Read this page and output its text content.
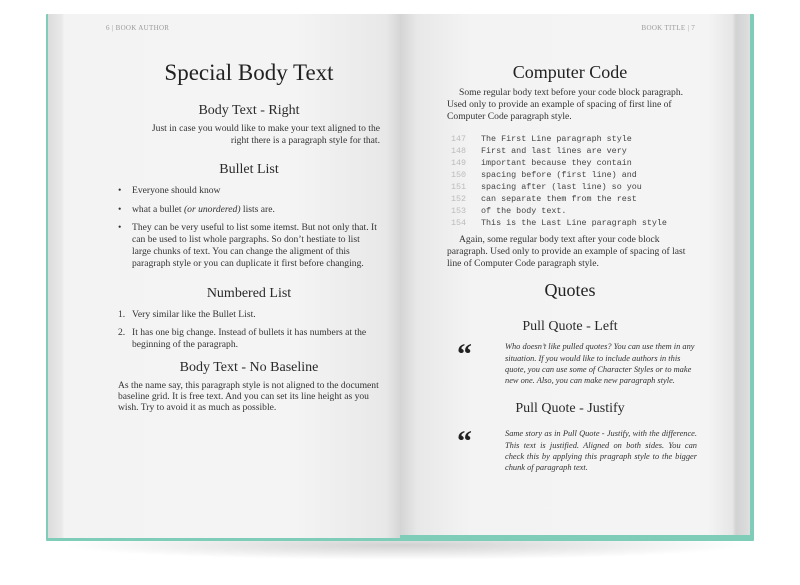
6 | BOOK AUTHOR
Special Body Text
Body Text - Right
Just in case you would like to make your text aligned to the
right there is a paragraph style for that.
Bullet List
• Everyone should know
• what a bullet (or unordered) lists are.
• They can be very useful to list some itemst. But not only that. It can be used to list whole pargraphs. So don’t hestiate to list large chunks of text. You can change the aligment of this paragraph style or you can duplicate it first before changing.
Numbered List
1. Very similar like the Bullet List.
2. It has one big change. Instead of bullets it has numbers at the beginning of the paragraph.
Body Text - No Baseline
As the name say, this paragraph style is not aligned to the document baseline grid. It is free text. And you can set its line height as you wish. Try to avoid it as much as possible.
BOOK TITLE | 7
Computer Code
Some regular body text before your code block paragraph. Used only to provide an example of spacing of first line of Computer Code paragraph style.
147 The First Line paragraph style
148 First and last lines are very
149 important because they contain
150 spacing before (first line) and
151 spacing after (last line) so you
152 can separate them from the rest
153 of the body text.
154 This is the Last Line paragraph style
Again, some regular body text after your code block paragraph. Used only to provide an example of spacing of last line of Computer Code paragraph style.
Quotes
Pull Quote - Left
“	Who doesn’t like pulled quotes? You can use them in any situation. If you would like to include authors in this quote, you can use some of Character Styles or to make new one. Also, you can make new paragraph style.
Pull Quote - Justify
“	Same story as in Pull Quote - Justify, with the difference. This text is justified. Aligned on both sides. You can check this by applying this pragraph style to the bigger chunk of paragraph text.
